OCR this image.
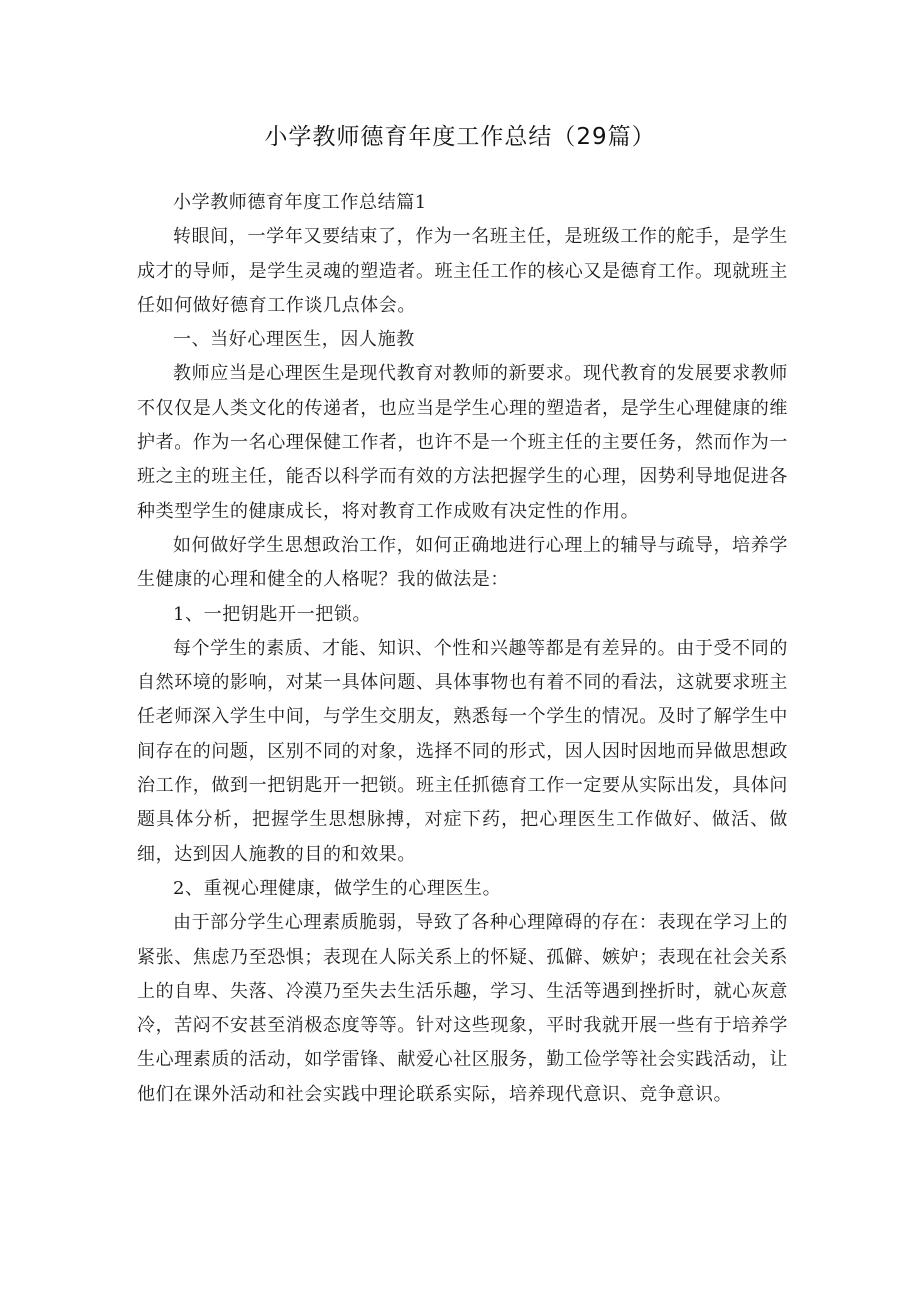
小学教师德育年度工作总结（29篇）

小学教师德育年度工作总结篇1

转眼间，一学年又要结束了，作为一名班主任，是班级工作的舵手，是学生成才的导师，是学生灵魂的塑造者。班主任工作的核心又是德育工作。现就班主任如何做好德育工作谈几点体会。

一、当好心理医生，因人施教

教师应当是心理医生是现代教育对教师的新要求。现代教育的发展要求教师不仅仅是人类文化的传递者，也应当是学生心理的塑造者，是学生心理健康的维护者。作为一名心理保健工作者，也许不是一个班主任的主要任务，然而作为一班之主的班主任，能否以科学而有效的方法把握学生的心理，因势利导地促进各种类型学生的健康成长，将对教育工作成败有决定性的作用。

如何做好学生思想政治工作，如何正确地进行心理上的辅导与疏导，培养学生健康的心理和健全的人格呢？我的做法是：

1、一把钥匙开一把锁。

每个学生的素质、才能、知识、个性和兴趣等都是有差异的。由于受不同的自然环境的影响，对某一具体问题、具体事物也有着不同的看法，这就要求班主任老师深入学生中间，与学生交朋友，熟悉每一个学生的情况。及时了解学生中间存在的问题，区别不同的对象，选择不同的形式，因人因时因地而异做思想政治工作，做到一把钥匙开一把锁。班主任抓德育工作一定要从实际出发，具体问题具体分析，把握学生思想脉搏，对症下药，把心理医生工作做好、做活、做细，达到因人施教的目的和效果。

2、重视心理健康，做学生的心理医生。

由于部分学生心理素质脆弱，导致了各种心理障碍的存在：表现在学习上的紧张、焦虑乃至恐惧；表现在人际关系上的怀疑、孤僻、嫉妒；表现在社会关系上的自卑、失落、冷漠乃至失去生活乐趣，学习、生活等遇到挫折时，就心灰意冷，苦闷不安甚至消极态度等等。针对这些现象，平时我就开展一些有于培养学生心理素质的活动，如学雷锋、献爱心社区服务，勤工俭学等社会实践活动，让他们在课外活动和社会实践中理论联系实际，培养现代意识、竞争意识。
